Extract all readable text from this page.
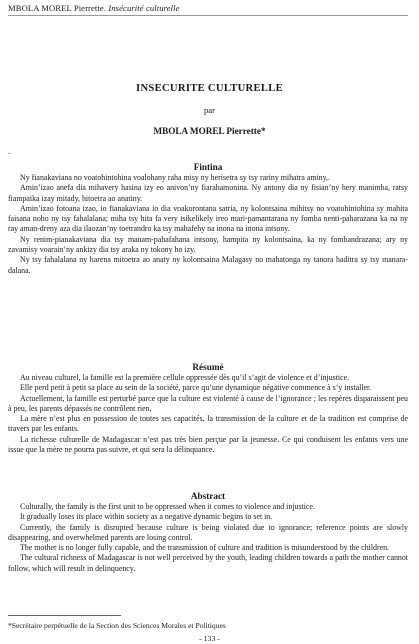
MBOLA MOREL Pierrette. Insécurité culturelle
INSECURITE CULTURELLE
par
MBOLA MOREL Pierrette*
.
Fintina

Ny fianakaviana no voatohintohina voalohany raha misy ny herisetra sy tsy rariny mihatra aminy,.

Amin’izao anefa dia mihavery hasina izy eo anivon’ny fiarahamonina. Ny antony dia ny fisian’ny hery manimba, ratsy fiampaika izay mitady, hitoetra ao anatiny.

Amin’izao fotoana izao, io fianakaviana io dia voakorontana satria, ny kolontsaina mihitsy no voatohintohina sy mahita faisana noho ny tsy fahalalana; miha tsy hita fa very tsikelikely ireo mari-pamantarana ny fomba nenti-paharazana ka na ny ray aman-dreny aza dia ilaozan’ny toetrandro ka tsy mahafehy na inona na inona intsony.

Ny renim-pianakaviana dia tsy manam-pahafahana intsony, hampita ny kolontsaina, ka ny fombandrazana; ary ny zavamisy voarain’ny ankizy dia tsy araka ny tokony ho izy.

Ny tsy fahalalana ny harena mitoetra ao anaty ny kolontsaina Malagasy no mahatonga ny tanora haditra sy tsy manara-dalana.

Résumé

Au niveau culturel, la famille est la première cellule oppressée dès qu’il s’agit de violence et d’injustice.

Elle perd petit à petit sa place au sein de la société, parce qu’une dynamique négative commence à s’y installer.

Actuellement, la famille est perturbé parce que la culture est violenté à cause de l’ignorance ; les repères disparaissent peu à peu, les parents dépassés ne contrôlent rien,

La mère n’est plus en possession de toutes ses capacités, la transmission de la culture et de la tradition est comprise de travers par les enfants.

La richesse culturelle de Madagascar n’est pas très bien perçue par la jeunesse. Ce qui conduisent les enfants vers une issue que la mère ne pourra pas suivre, et qui sera la délinquance.

Abstract

Culturally, the family is the first unit to be oppressed when it comes to violence and injustice.

It gradually loses its place within society as a negative dynamic begins to set in.

Currently, the family is disrupted because culture is being violated due to ignorance; reference points are slowly disappearing, and overwhelmed parents are losing control.

The mother is no longer fully capable, and the transmission of culture and tradition is misunderstood by the children.

The cultural richness of Madagascar is not well perceived by the youth, leading children towards a path the mother cannot follow, which will result in delinquency.

*Secrétaire perpétuelle de la Section des Sciences Morales et Politiques
- 133 -
